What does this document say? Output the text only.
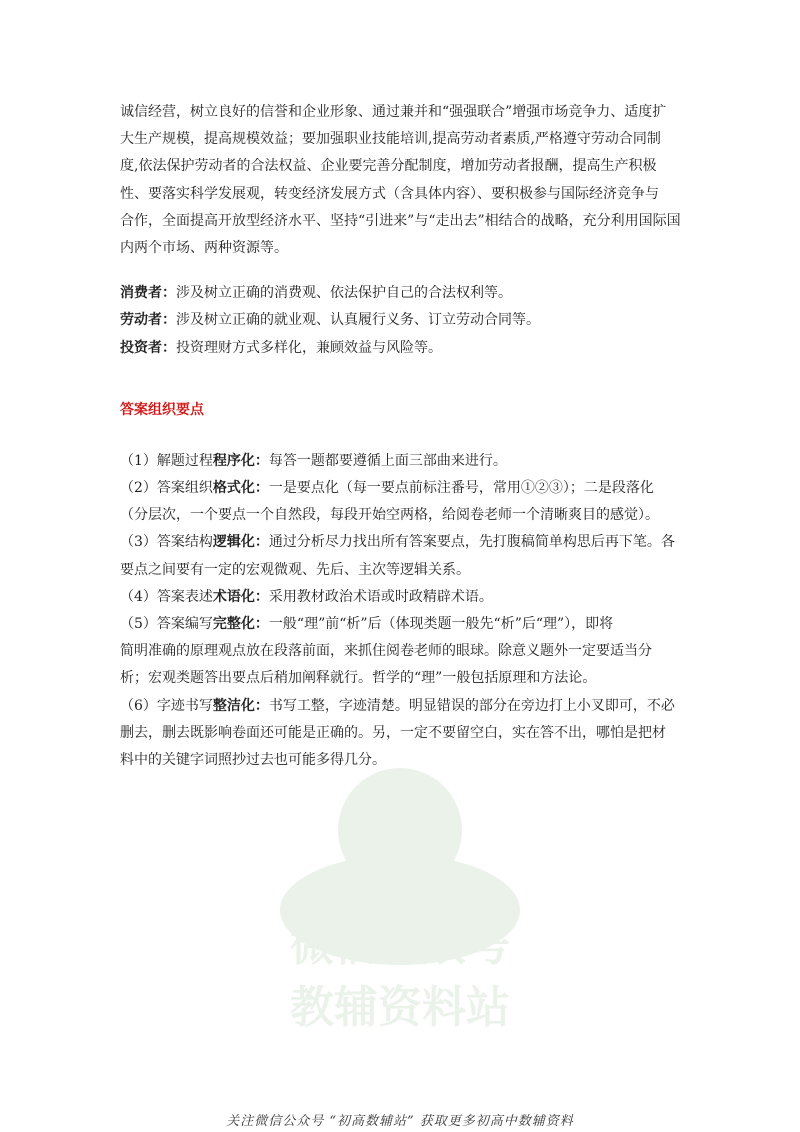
微信公众号
教辅资料站

诚信经营，树立良好的信誉和企业形象、通过兼并和“强强联合”增强市场竞争力、适度扩

大生产规模，提高规模效益；要加强职业技能培训,提高劳动者素质,严格遵守劳动合同制

度,依法保护劳动者的合法权益、企业要完善分配制度，增加劳动者报酬，提高生产积极

性、要落实科学发展观，转变经济发展方式（含具体内容）、要积极参与国际经济竞争与

合作，全面提高开放型经济水平、坚持“引进来”与“走出去”相结合的战略，充分利用国际国

内两个市场、两种资源等。

消费者：涉及树立正确的消费观、依法保护自己的合法权利等。

劳动者：涉及树立正确的就业观、认真履行义务、订立劳动合同等。

投资者：投资理财方式多样化，兼顾效益与风险等。

答案组织要点

（1）解题过程程序化：每答一题都要遵循上面三部曲来进行。

（2）答案组织格式化：一是要点化（每一要点前标注番号，常用①②③）；二是段落化

（分层次，一个要点一个自然段，每段开始空两格，给阅卷老师一个清晰爽目的感觉）。

（3）答案结构逻辑化：通过分析尽力找出所有答案要点，先打腹稿简单构思后再下笔。各

要点之间要有一定的宏观微观、先后、主次等逻辑关系。

（4）答案表述术语化：采用教材政治术语或时政精辟术语。

（5）答案编写完整化：一般“理”前“析”后（体现类题一般先“析”后“理”），即将

简明准确的原理观点放在段落前面，来抓住阅卷老师的眼球。除意义题外一定要适当分

析；宏观类题答出要点后稍加阐释就行。哲学的“理”一般包括原理和方法论。

（6）字迹书写整洁化：书写工整，字迹清楚。明显错误的部分在旁边打上小叉即可，不必

删去，删去既影响卷面还可能是正确的。另，一定不要留空白，实在答不出，哪怕是把材

料中的关键字词照抄过去也可能多得几分。

关注微信公众号 “初高数辅站” 获取更多初高中数辅资料
